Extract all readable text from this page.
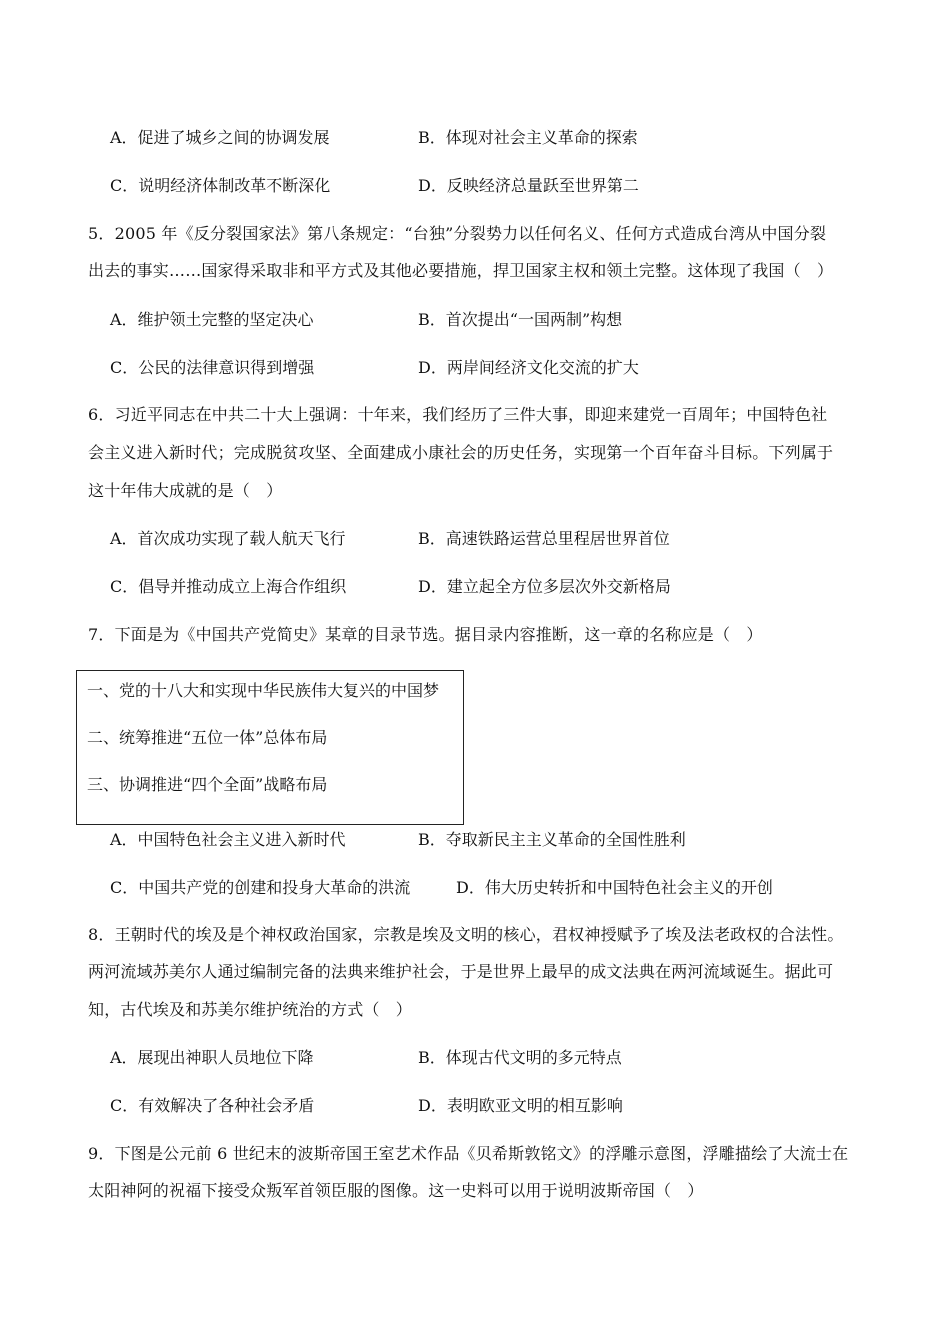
A．促进了城乡之间的协调发展	B．体现对社会主义革命的探索
C．说明经济体制改革不断深化	D．反映经济总量跃至世界第二
5．2005 年《反分裂国家法》第八条规定：“台独”分裂势力以任何名义、任何方式造成台湾从中国分裂
出去的事实……国家得采取非和平方式及其他必要措施，捍卫国家主权和领土完整。这体现了我国（　）
A．维护领土完整的坚定决心	B．首次提出“一国两制”构想
C．公民的法律意识得到增强	D．两岸间经济文化交流的扩大
6．习近平同志在中共二十大上强调：十年来，我们经历了三件大事，即迎来建党一百周年；中国特色社
会主义进入新时代；完成脱贫攻坚、全面建成小康社会的历史任务，实现第一个百年奋斗目标。下列属于
这十年伟大成就的是（　）
A．首次成功实现了载人航天飞行	B．高速铁路运营总里程居世界首位
C．倡导并推动成立上海合作组织	D．建立起全方位多层次外交新格局
7．下面是为《中国共产党简史》某章的目录节选。据目录内容推断，这一章的名称应是（　）
一、党的十八大和实现中华民族伟大复兴的中国梦
二、统筹推进“五位一体”总体布局
三、协调推进“四个全面”战略布局
A．中国特色社会主义进入新时代	B．夺取新民主主义革命的全国性胜利
C．中国共产党的创建和投身大革命的洪流	D．伟大历史转折和中国特色社会主义的开创
8．王朝时代的埃及是个神权政治国家，宗教是埃及文明的核心，君权神授赋予了埃及法老政权的合法性。
两河流域苏美尔人通过编制完备的法典来维护社会，于是世界上最早的成文法典在两河流域诞生。据此可
知，古代埃及和苏美尔维护统治的方式（　）
A．展现出神职人员地位下降	B．体现古代文明的多元特点
C．有效解决了各种社会矛盾	D．表明欧亚文明的相互影响
9．下图是公元前 6 世纪末的波斯帝国王室艺术作品《贝希斯敦铭文》的浮雕示意图，浮雕描绘了大流士在
太阳神阿的祝福下接受众叛军首领臣服的图像。这一史料可以用于说明波斯帝国（　）
